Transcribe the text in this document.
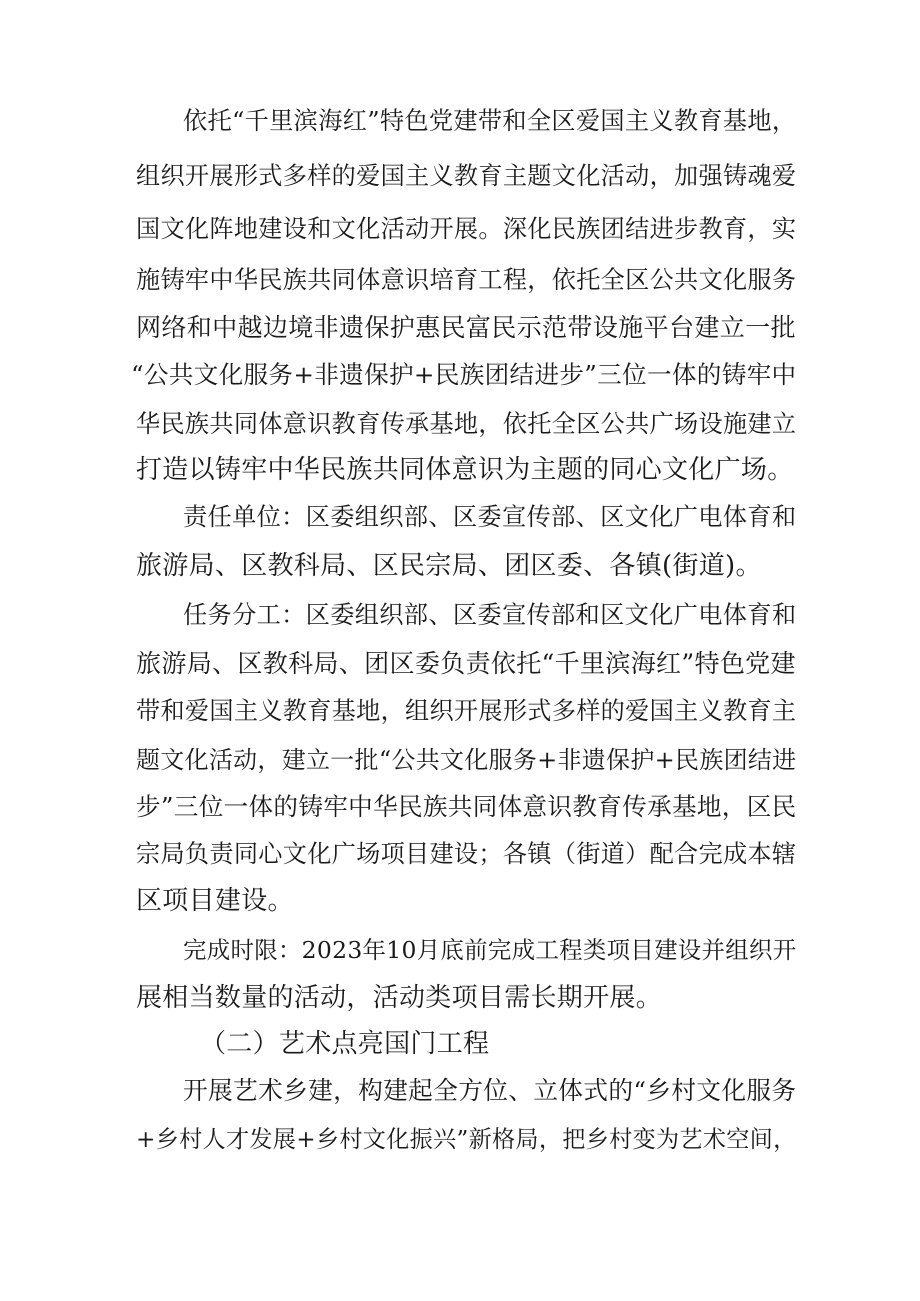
依托“千里滨海红”特色党建带和全区爱国主义教育基地，

组织开展形式多样的爱国主义教育主题文化活动，加强铸魂爱

国文化阵地建设和文化活动开展。深化民族团结进步教育，实

施铸牢中华民族共同体意识培育工程，依托全区公共文化服务

网络和中越边境非遗保护惠民富民示范带设施平台建立一批

“公共文化服务+非遗保护+民族团结进步”三位一体的铸牢中

华民族共同体意识教育传承基地，依托全区公共广场设施建立

打造以铸牢中华民族共同体意识为主题的同心文化广场。

责任单位：区委组织部、区委宣传部、区文化广电体育和

旅游局、区教科局、区民宗局、团区委、各镇(街道)。

任务分工：区委组织部、区委宣传部和区文化广电体育和

旅游局、区教科局、团区委负责依托“千里滨海红”特色党建

带和爱国主义教育基地，组织开展形式多样的爱国主义教育主

题文化活动，建立一批“公共文化服务+非遗保护+民族团结进

步”三位一体的铸牢中华民族共同体意识教育传承基地，区民

宗局负责同心文化广场项目建设；各镇（街道）配合完成本辖

区项目建设。

完成时限：2023年10月底前完成工程类项目建设并组织开

展相当数量的活动，活动类项目需长期开展。

（二）艺术点亮国门工程

开展艺术乡建，构建起全方位、立体式的“乡村文化服务

+乡村人才发展+乡村文化振兴”新格局，把乡村变为艺术空间，
